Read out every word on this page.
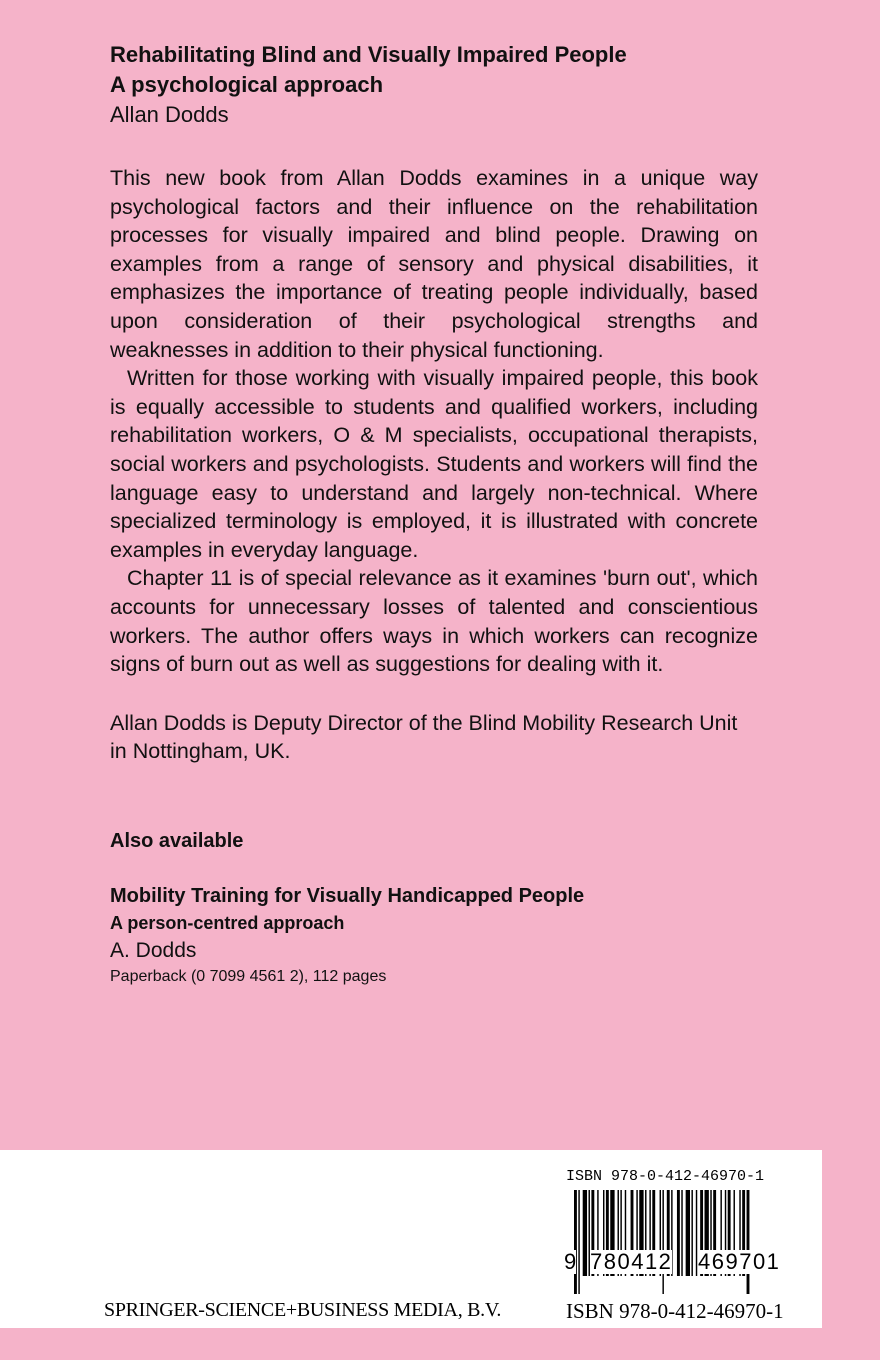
Rehabilitating Blind and Visually Impaired People
A psychological approach
Allan Dodds

This new book from Allan Dodds examines in a unique way psychological factors and their influence on the rehabilitation processes for visually impaired and blind people. Drawing on examples from a range of sensory and physical disabilities, it emphasizes the importance of treating people individually, based upon consideration of their psychological strengths and weaknesses in addition to their physical functioning.

Written for those working with visually impaired people, this book is equally accessible to students and qualified workers, including rehabilitation workers, O & M specialists, occupational therapists, social workers and psychologists. Students and workers will find the language easy to understand and largely non-technical. Where specialized terminology is employed, it is illustrated with concrete examples in everyday language.

Chapter 11 is of special relevance as it examines 'burn out', which accounts for unnecessary losses of talented and conscientious workers. The author offers ways in which workers can recognize signs of burn out as well as suggestions for dealing with it.

Allan Dodds is Deputy Director of the Blind Mobility Research Unit in Nottingham, UK.
Also available
Mobility Training for Visually Handicapped People
A person-centred approach
A. Dodds
Paperback (0 7099 4561 2), 112 pages
ISBN 978-0-412-46970-1
9 780412 469701
SPRINGER-SCIENCE+BUSINESS MEDIA, B.V.	ISBN 978-0-412-46970-1
